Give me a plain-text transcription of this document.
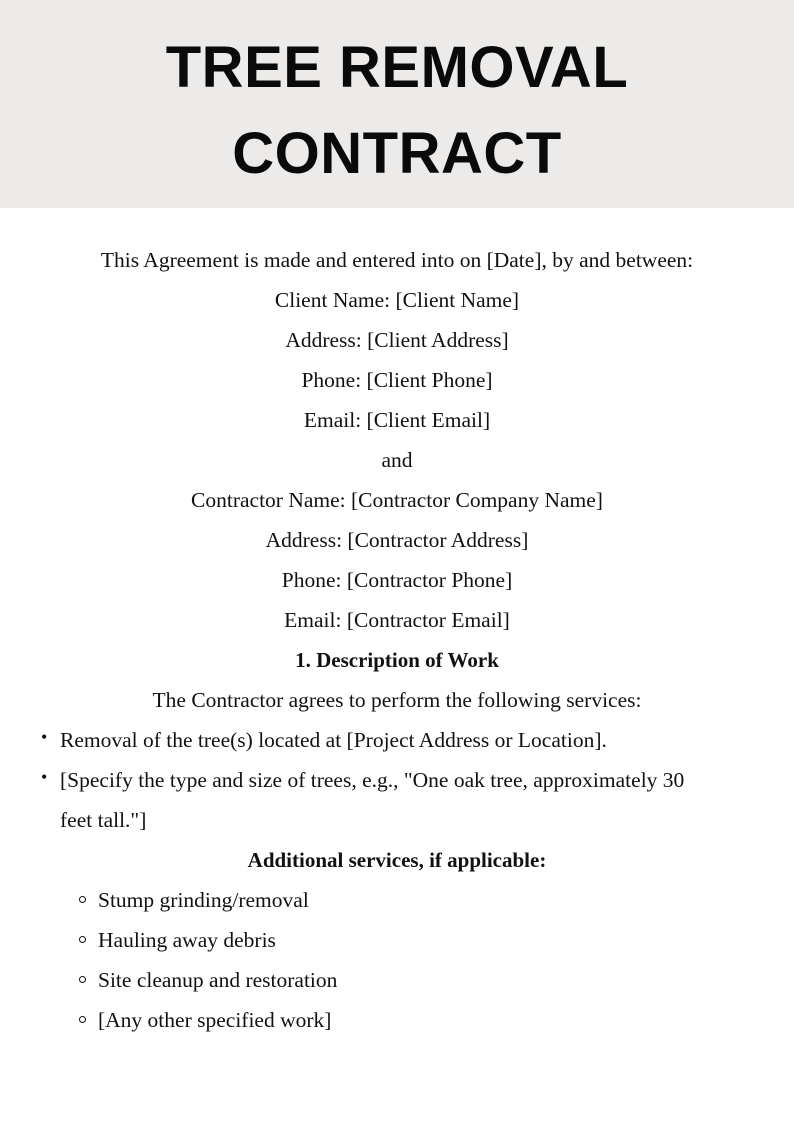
TREE REMOVAL
CONTRACT
This Agreement is made and entered into on [Date], by and between:
Client Name: [Client Name]
Address: [Client Address]
Phone: [Client Phone]
Email: [Client Email]
and
Contractor Name: [Contractor Company Name]
Address: [Contractor Address]
Phone: [Contractor Phone]
Email: [Contractor Email]
1. Description of Work
The Contractor agrees to perform the following services:
• Removal of the tree(s) located at [Project Address or Location].
• [Specify the type and size of trees, e.g., "One oak tree, approximately 30
feet tall."]
Additional services, if applicable:
Stump grinding/removal
Hauling away debris
Site cleanup and restoration
[Any other specified work]
